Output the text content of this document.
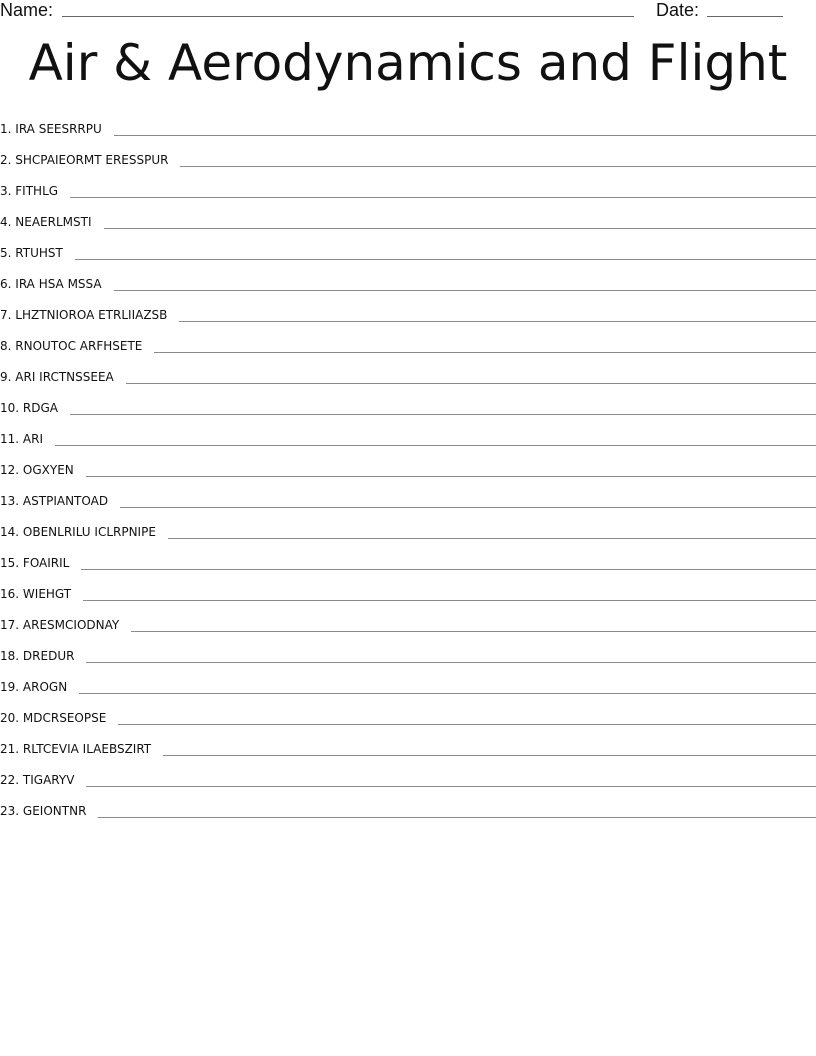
Name:	Date:
Air & Aerodynamics and Flight
1. IRA SEESRRPU
2. SHCPAIEORMT ERESSPUR
3. FITHLG
4. NEAERLMSTI
5. RTUHST
6. IRA HSA MSSA
7. LHZTNIOROA ETRLIIAZSB
8. RNOUTOC ARFHSETE
9. ARI IRCTNSSEEA
10. RDGA
11. ARI
12. OGXYEN
13. ASTPIANTOAD
14. OBENLRILU ICLRPNIPE
15. FOAIRIL
16. WIEHGT
17. ARESMCIODNAY
18. DREDUR
19. AROGN
20. MDCRSEOPSE
21. RLTCEVIA ILAEBSZIRT
22. TIGARYV
23. GEIONTNR
